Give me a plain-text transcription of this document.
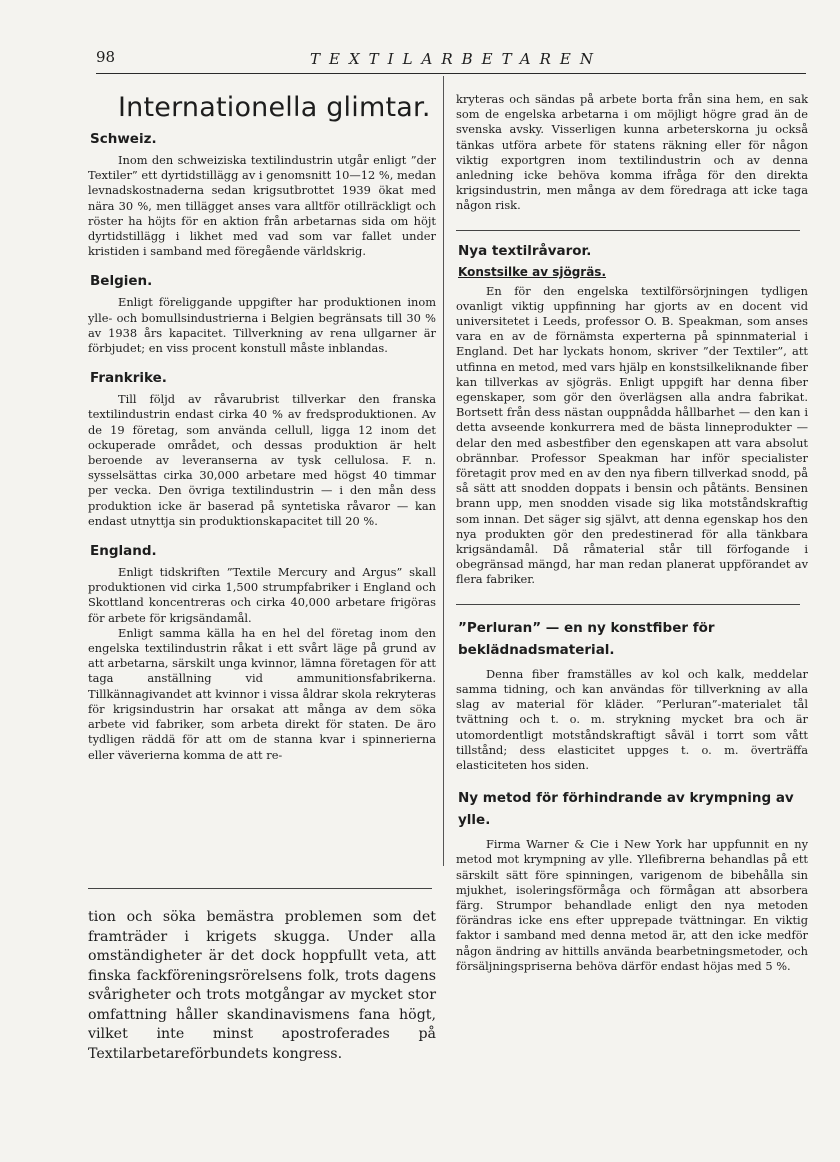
98	TEXTILARBETAREN
Internationella glimtar.
Schweiz.

Inom den schweiziska textilindustrin utgår enligt ”der Textiler” ett dyrtidstillägg av i genomsnitt 10—12 %, medan levnadskostnaderna sedan krigsutbrottet 1939 ökat med nära 30 %, men tillägget anses vara alltför otillräckligt och röster ha höjts för en aktion från arbetarnas sida om höjt dyrtidstillägg i likhet med vad som var fallet under kristiden i samband med föregående världskrig.

Belgien.

Enligt föreliggande uppgifter har produktionen inom ylle- och bomullsindustrierna i Belgien begränsats till 30 % av 1938 års kapacitet. Tillverkning av rena ullgarner är förbjudet; en viss procent konstull måste inblandas.

Frankrike.

Till följd av råvarubrist tillverkar den franska textilindustrin endast cirka 40 % av fredsproduktionen. Av de 19 företag, som använda cellull, ligga 12 inom det ockuperade området, och dessas produktion är helt beroende av leveranserna av tysk cellulosa. F. n. sysselsättas cirka 30,000 arbetare med högst 40 timmar per vecka. Den övriga textilindustrin — i den mån dess produktion icke är baserad på syntetiska råvaror — kan endast utnyttja sin produktionskapacitet till 20 %.

England.

Enligt tidskriften ”Textile Mercury and Argus” skall produktionen vid cirka 1,500 strumpfabriker i England och Skottland koncentreras och cirka 40,000 arbetare frigöras för arbete för krigsändamål.

Enligt samma källa ha en hel del företag inom den engelska textilindustrin råkat i ett svårt läge på grund av att arbetarna, särskilt unga kvinnor, lämna företagen för att taga anställning vid ammunitionsfabrikerna. Tillkännagivandet att kvinnor i vissa åldrar skola rekryteras för krigsindustrin har orsakat att många av dem söka arbete vid fabriker, som arbeta direkt för staten. De äro tydligen räddä för att om de stanna kvar i spinnerierna eller väverierna komma de att re-

tion och söka bemästra problemen som det framträder i krigets skugga. Under alla omständigheter är det dock hoppfullt veta, att finska fackföreningsrörelsens folk, trots dagens svårigheter och trots motgångar av mycket stor omfattning håller skandinavismens fana högt, vilket inte minst apostroferades på Textilarbetareförbundets kongress.

kryteras och sändas på arbete borta från sina hem, en sak som de engelska arbetarna i om möjligt högre grad än de svenska avsky. Visserligen kunna arbeterskorna ju också tänkas utföra arbete för statens räkning eller för någon viktig exportgren inom textilindustrin och av denna anledning icke behöva komma ifråga för den direkta krigsindustrin, men många av dem föredraga att icke taga någon risk.

Nya textilråvaror.
Konstsilke av sjögräs.

En för den engelska textilförsörjningen tydligen ovanligt viktig uppfinning har gjorts av en docent vid universitetet i Leeds, professor O. B. Speakman, som anses vara en av de förnämsta experterna på spinnmaterial i England. Det har lyckats honom, skriver ”der Textiler”, att utfinna en metod, med vars hjälp en konstsilkeliknande fiber kan tillverkas av sjögräs. Enligt uppgift har denna fiber egenskaper, som gör den överlägsen alla andra fabrikat. Bortsett från dess nästan ouppnådda hållbarhet — den kan i detta avseende konkurrera med de bästa linneprodukter — delar den med asbestfiber den egenskapen att vara absolut obrännbar. Professor Speakman har inför specialister företagit prov med en av den nya fibern tillverkad snodd, på så sätt att snodden doppats i bensin och påtänts. Bensinen brann upp, men snodden visade sig lika motståndskraftig som innan. Det säger sig självt, att denna egenskap hos den nya produkten gör den predestinerad för alla tänkbara krigsändamål. Då råmaterial står till förfogande i obegränsad mängd, har man redan planerat uppförandet av flera fabriker.

”Perluran” — en ny konstfiber för beklädnadsmaterial.

Denna fiber framställes av kol och kalk, meddelar samma tidning, och kan användas för tillverkning av alla slag av material för kläder. ”Perluran”-materialet tål tvättning och t. o. m. strykning mycket bra och är utomordentligt motståndskraftigt såväl i torrt som vått tillstånd; dess elasticitet uppges t. o. m. överträffa elasticiteten hos siden.

Ny metod för förhindrande av krympning av ylle.

Firma Warner & Cie i New York har uppfunnit en ny metod mot krympning av ylle. Yllefibrerna behandlas på ett särskilt sätt före spinningen, varigenom de bibehålla sin mjukhet, isoleringsförmåga och förmågan att absorbera färg. Strumpor behandlade enligt den nya metoden förändras icke ens efter upprepade tvättningar. En viktig faktor i samband med denna metod är, att den icke medför någon ändring av hittills använda bearbetningsmetoder, och försäljningspriserna behöva därför endast höjas med 5 %.
